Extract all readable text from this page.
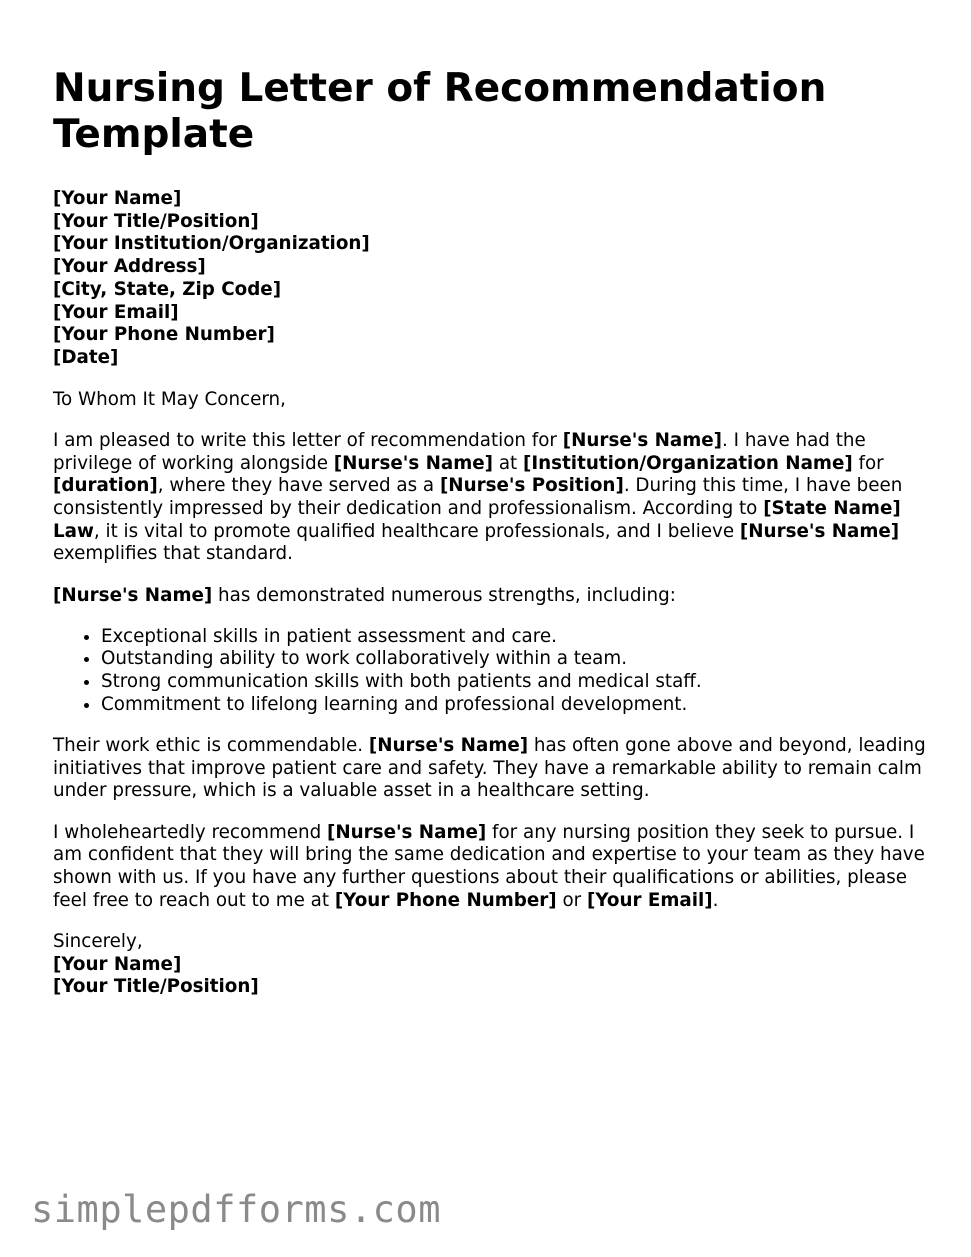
Nursing Letter of Recommendation Template
[Your Name]
[Your Title/Position]
[Your Institution/Organization]
[Your Address]
[City, State, Zip Code]
[Your Email]
[Your Phone Number]
[Date]

To Whom It May Concern,

I am pleased to write this letter of recommendation for [Nurse's Name]. I have had the privilege of working alongside [Nurse's Name] at [Institution/Organization Name] for [duration], where they have served as a [Nurse's Position]. During this time, I have been consistently impressed by their dedication and professionalism. According to [State Name] Law, it is vital to promote qualified healthcare professionals, and I believe [Nurse's Name] exemplifies that standard.

[Nurse's Name] has demonstrated numerous strengths, including:

• Exceptional skills in patient assessment and care.
• Outstanding ability to work collaboratively within a team.
• Strong communication skills with both patients and medical staff.
• Commitment to lifelong learning and professional development.

Their work ethic is commendable. [Nurse's Name] has often gone above and beyond, leading initiatives that improve patient care and safety. They have a remarkable ability to remain calm under pressure, which is a valuable asset in a healthcare setting.

I wholeheartedly recommend [Nurse's Name] for any nursing position they seek to pursue. I am confident that they will bring the same dedication and expertise to your team as they have shown with us. If you have any further questions about their qualifications or abilities, please feel free to reach out to me at [Your Phone Number] or [Your Email].

Sincerely,
[Your Name]
[Your Title/Position]
simplepdfforms.com
